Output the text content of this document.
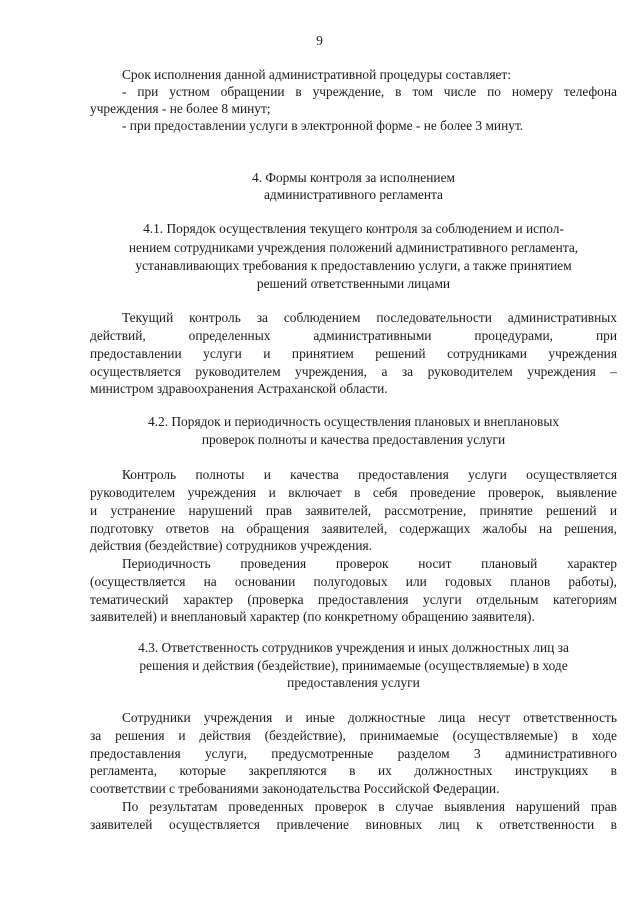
9
Срок исполнения данной административной процедуры составляет:
- при устном обращении в учреждение, в том числе по номеру телефона
учреждения - не более 8 минут;
- при предоставлении услуги в электронной форме - не более 3 минут.
4. Формы контроля за исполнением
административного регламента
4.1. Порядок осуществления текущего контроля за соблюдением и испол-
нением сотрудниками учреждения положений административного регламента,
устанавливающих требования к предоставлению услуги, а также принятием
решений ответственными лицами
Текущий контроль за соблюдением последовательности административных
действий, определенных административными процедурами, при
предоставлении услуги и принятием решений сотрудниками учреждения
осуществляется руководителем учреждения, а за руководителем учреждения –
министром здравоохранения Астраханской области.
4.2. Порядок и периодичность осуществления плановых и внеплановых
проверок полноты и качества предоставления услуги
Контроль полноты и качества предоставления услуги осуществляется
руководителем учреждения и включает в себя проведение проверок, выявление
и устранение нарушений прав заявителей, рассмотрение, принятие решений и
подготовку ответов на обращения заявителей, содержащих жалобы на решения,
действия (бездействие) сотрудников учреждения.
Периодичность проведения проверок носит плановый характер
(осуществляется на основании полугодовых или годовых планов работы),
тематический характер (проверка предоставления услуги отдельным категориям
заявителей) и внеплановый характер (по конкретному обращению заявителя).
4.3. Ответственность сотрудников учреждения и иных должностных лиц за
решения и действия (бездействие), принимаемые (осуществляемые) в ходе
предоставления услуги
Сотрудники учреждения и иные должностные лица несут ответственность
за решения и действия (бездействие), принимаемые (осуществляемые) в ходе
предоставления услуги, предусмотренные разделом 3 административного
регламента, которые закрепляются в их должностных инструкциях в
соответствии с требованиями законодательства Российской Федерации.
По результатам проведенных проверок в случае выявления нарушений прав
заявителей осуществляется привлечение виновных лиц к ответственности в
